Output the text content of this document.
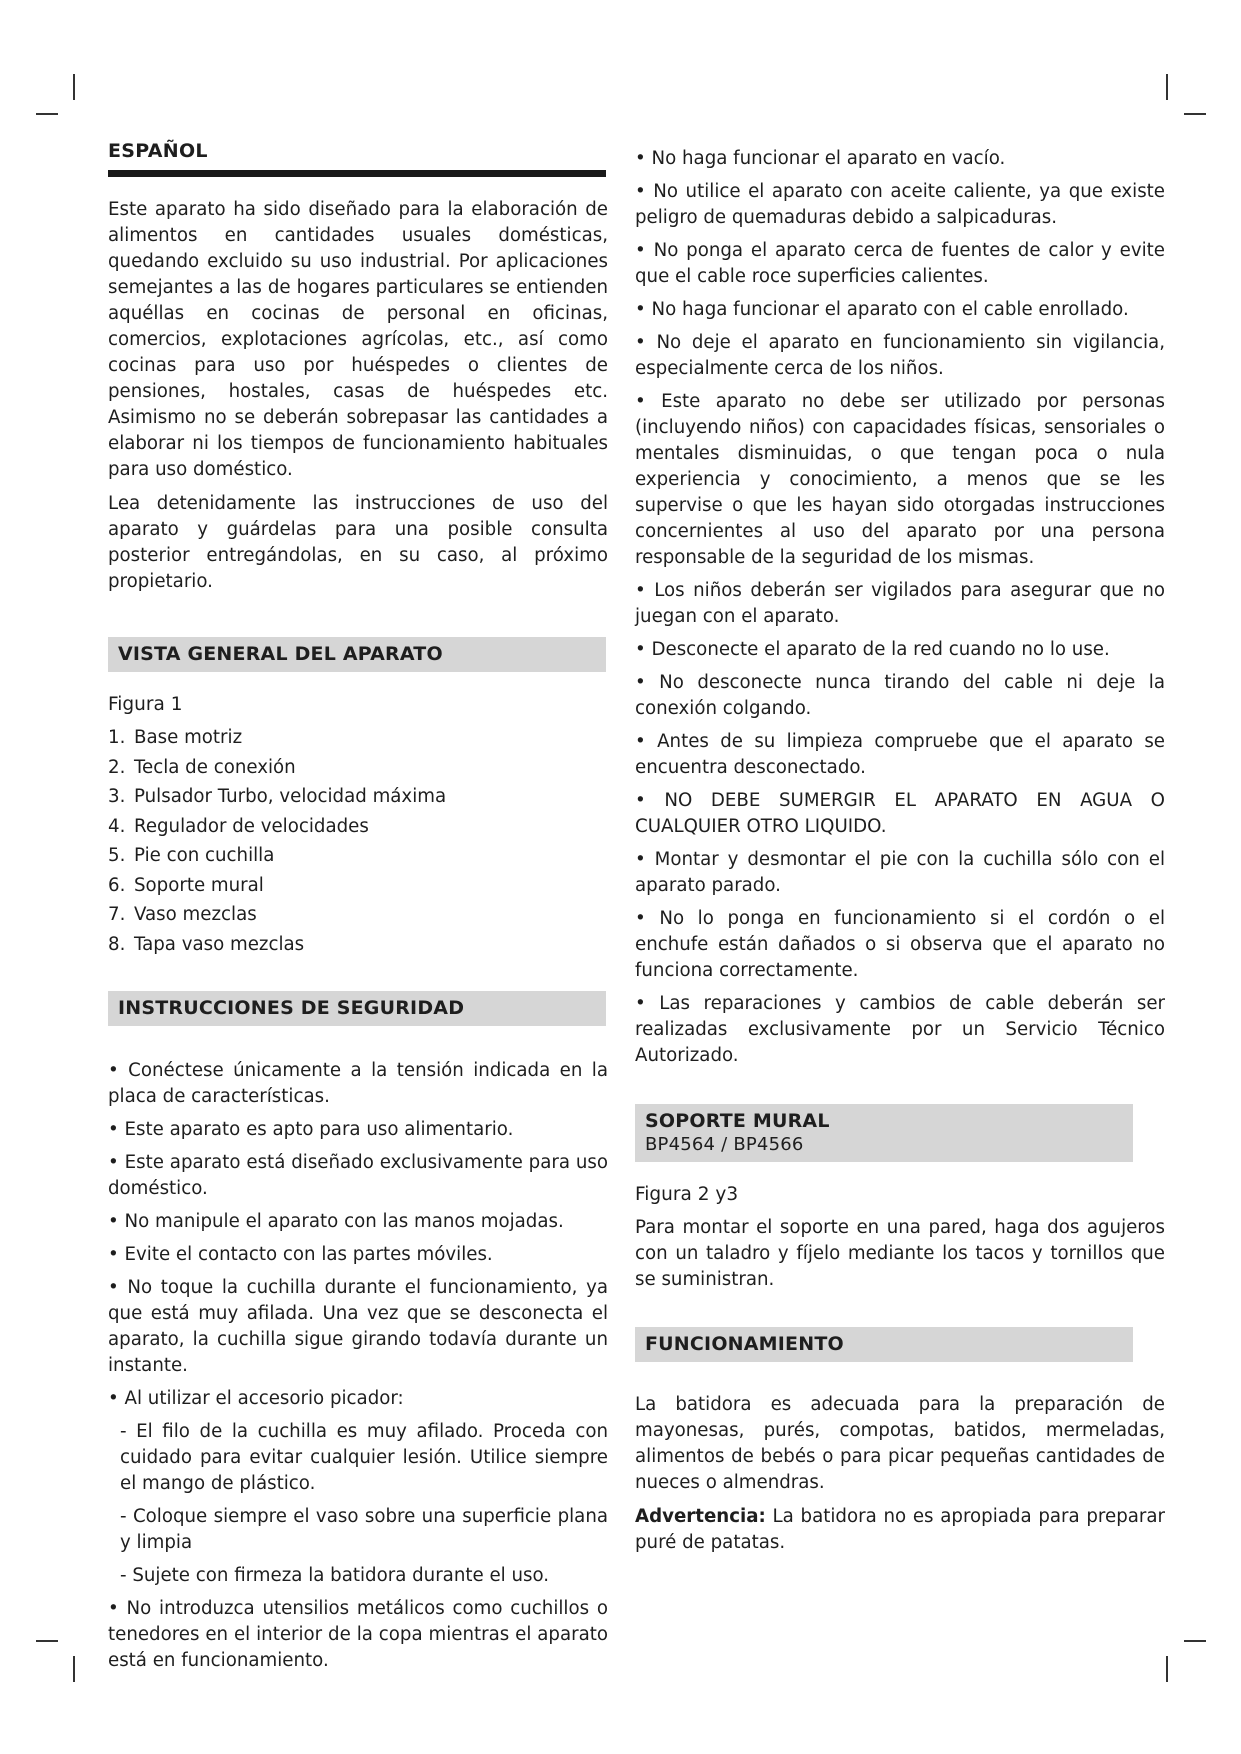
ESPAÑOL

Este aparato ha sido diseñado para la elaboración de alimentos en cantidades usuales domésticas, quedando excluido su uso industrial. Por aplicaciones semejantes a las de hogares particulares se entienden aquéllas en cocinas de personal en oficinas, comercios, explotaciones agrícolas, etc., así como cocinas para uso por huéspedes o clientes de pensiones, hostales, casas de huéspedes etc. Asimismo no se deberán sobrepasar las cantidades a elaborar ni los tiempos de funcionamiento habituales para uso doméstico.

Lea detenidamente las instrucciones de uso del aparato y guárdelas para una posible consulta posterior entregándolas, en su caso, al próximo propietario.

VISTA GENERAL DEL APARATO
Figura 1
1. Base motriz
2. Tecla de conexión
3. Pulsador Turbo, velocidad máxima
4. Regulador de velocidades
5. Pie con cuchilla
6. Soporte mural
7. Vaso mezclas
8. Tapa vaso mezclas
INSTRUCCIONES DE SEGURIDAD
• Conéctese únicamente a la tensión indicada en la placa de características.
• Este aparato es apto para uso alimentario.
• Este aparato está diseñado exclusivamente para uso doméstico.
• No manipule el aparato con las manos mojadas.
• Evite el contacto con las partes móviles.
• No toque la cuchilla durante el funcionamiento, ya que está muy afilada. Una vez que se desconecta el aparato, la cuchilla sigue girando todavía durante un instante.
• Al utilizar el accesorio picador:
- El filo de la cuchilla es muy afilado. Proceda con cuidado para evitar cualquier lesión. Utilice siempre el mango de plástico.
- Coloque siempre el vaso sobre una superficie plana y limpia
- Sujete con firmeza la batidora durante el uso.
• No introduzca utensilios metálicos como cuchillos o tenedores en el interior de la copa mientras el aparato está en funcionamiento.
• No haga funcionar el aparato en vacío.
• No utilice el aparato con aceite caliente, ya que existe peligro de quemaduras debido a salpicaduras.
• No ponga el aparato cerca de fuentes de calor y evite que el cable roce superficies calientes.
• No haga funcionar el aparato con el cable enrollado.
• No deje el aparato en funcionamiento sin vigilancia, especialmente cerca de los niños.
• Este aparato no debe ser utilizado por personas (incluyendo niños) con capacidades físicas, sensoriales o mentales disminuidas, o que tengan poca o nula experiencia y conocimiento, a menos que se les supervise o que les hayan sido otorgadas instrucciones concernientes al uso del aparato por una persona responsable de la seguridad de los mismas.
• Los niños deberán ser vigilados para asegurar que no juegan con el aparato.
• Desconecte el aparato de la red cuando no lo use.
• No desconecte nunca tirando del cable ni deje la conexión colgando.
• Antes de su limpieza compruebe que el aparato se encuentra desconectado.
• NO DEBE SUMERGIR EL APARATO EN AGUA O CUALQUIER OTRO LIQUIDO.
• Montar y desmontar el pie con la cuchilla sólo con el aparato parado.
• No lo ponga en funcionamiento si el cordón o el enchufe están dañados o si observa que el aparato no funciona correctamente.
• Las reparaciones y cambios de cable deberán ser realizadas exclusivamente por un Servicio Técnico Autorizado.
SOPORTE MURAL
BP4564 / BP4566
Figura 2 y3

Para montar el soporte en una pared, haga dos agujeros con un taladro y fíjelo mediante los tacos y tornillos que se suministran.

FUNCIONAMIENTO

La batidora es adecuada para la preparación de mayonesas, purés, compotas, batidos, mermeladas, alimentos de bebés o para picar pequeñas cantidades de nueces o almendras.

Advertencia: La batidora no es apropiada para preparar puré de patatas.
